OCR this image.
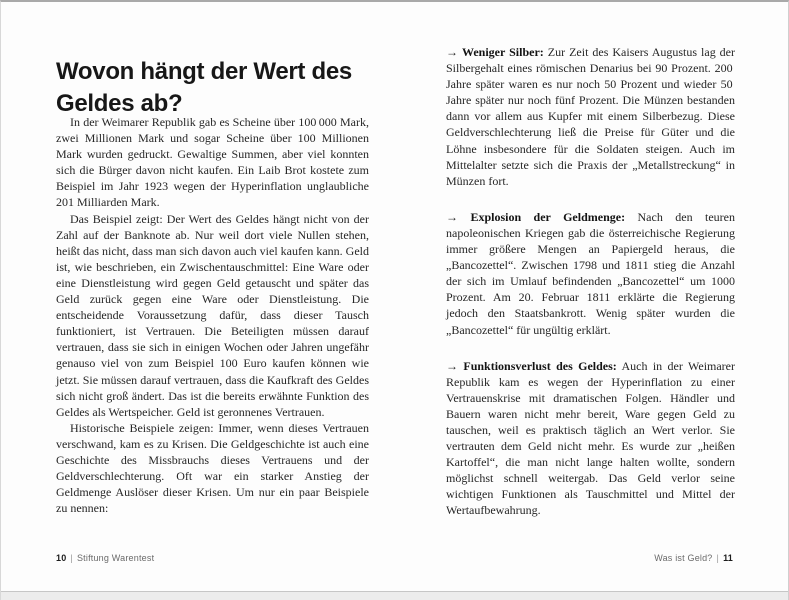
Wovon hängt der Wert des Geldes ab?

In der Weimarer Republik gab es Scheine über 100 000 Mark, zwei Millionen Mark und sogar Scheine über 100 Millionen Mark wurden gedruckt. Gewaltige Summen, aber viel konnten sich die Bürger davon nicht kaufen. Ein Laib Brot kostete zum Beispiel im Jahr 1923 wegen der Hyperinflation unglaubliche 201 Milliarden Mark.

Das Beispiel zeigt: Der Wert des Geldes hängt nicht von der Zahl auf der Banknote ab. Nur weil dort viele Nullen stehen, heißt das nicht, dass man sich davon auch viel kaufen kann. Geld ist, wie beschrieben, ein Zwischentauschmittel: Eine Ware oder eine Dienstleistung wird gegen Geld getauscht und später das Geld zurück gegen eine Ware oder Dienstleistung. Die entscheidende Voraussetzung dafür, dass dieser Tausch funktioniert, ist Vertrauen. Die Beteiligten müssen darauf vertrauen, dass sie sich in einigen Wochen oder Jahren ungefähr genauso viel von zum Beispiel 100 Euro kaufen können wie jetzt. Sie müssen darauf vertrauen, dass die Kaufkraft des Geldes sich nicht groß ändert. Das ist die bereits erwähnte Funktion des Geldes als Wertspeicher. Geld ist geronnenes Vertrauen.

Historische Beispiele zeigen: Immer, wenn dieses Vertrauen verschwand, kam es zu Krisen. Die Geldgeschichte ist auch eine Geschichte des Missbrauchs dieses Vertrauens und der Geldverschlechterung. Oft war ein starker Anstieg der Geldmenge Auslöser dieser Krisen. Um nur ein paar Beispiele zu nennen:

10 | Stiftung Warentest

→ Weniger Silber: Zur Zeit des Kaisers Augustus lag der Silbergehalt eines römischen Denarius bei 90 Prozent. 200 Jahre später waren es nur noch 50 Prozent und wieder 50 Jahre später nur noch fünf Prozent. Die Münzen bestanden dann vor allem aus Kupfer mit einem Silberbezug. Diese Geldverschlechterung ließ die Preise für Güter und die Löhne insbesondere für die Soldaten steigen. Auch im Mittelalter setzte sich die Praxis der „Metallstreckung“ in Münzen fort.

→ Explosion der Geldmenge: Nach den teuren napoleonischen Kriegen gab die österreichische Regierung immer größere Mengen an Papiergeld heraus, die „Bancozettel“. Zwischen 1798 und 1811 stieg die Anzahl der sich im Umlauf befindenden „Bancozettel“ um 1000 Prozent. Am 20. Februar 1811 erklärte die Regierung jedoch den Staatsbankrott. Wenig später wurden die „Bancozettel“ für ungültig erklärt.

→ Funktionsverlust des Geldes: Auch in der Weimarer Republik kam es wegen der Hyperinflation zu einer Vertrauenskrise mit dramatischen Folgen. Händler und Bauern waren nicht mehr bereit, Ware gegen Geld zu tauschen, weil es praktisch täglich an Wert verlor. Sie vertrauten dem Geld nicht mehr. Es wurde zur „heißen Kartoffel“, die man nicht lange halten wollte, sondern möglichst schnell weitergab. Das Geld verlor seine wichtigen Funktionen als Tauschmittel und Mittel der Wertaufbewahrung.

Was ist Geld? | 11
